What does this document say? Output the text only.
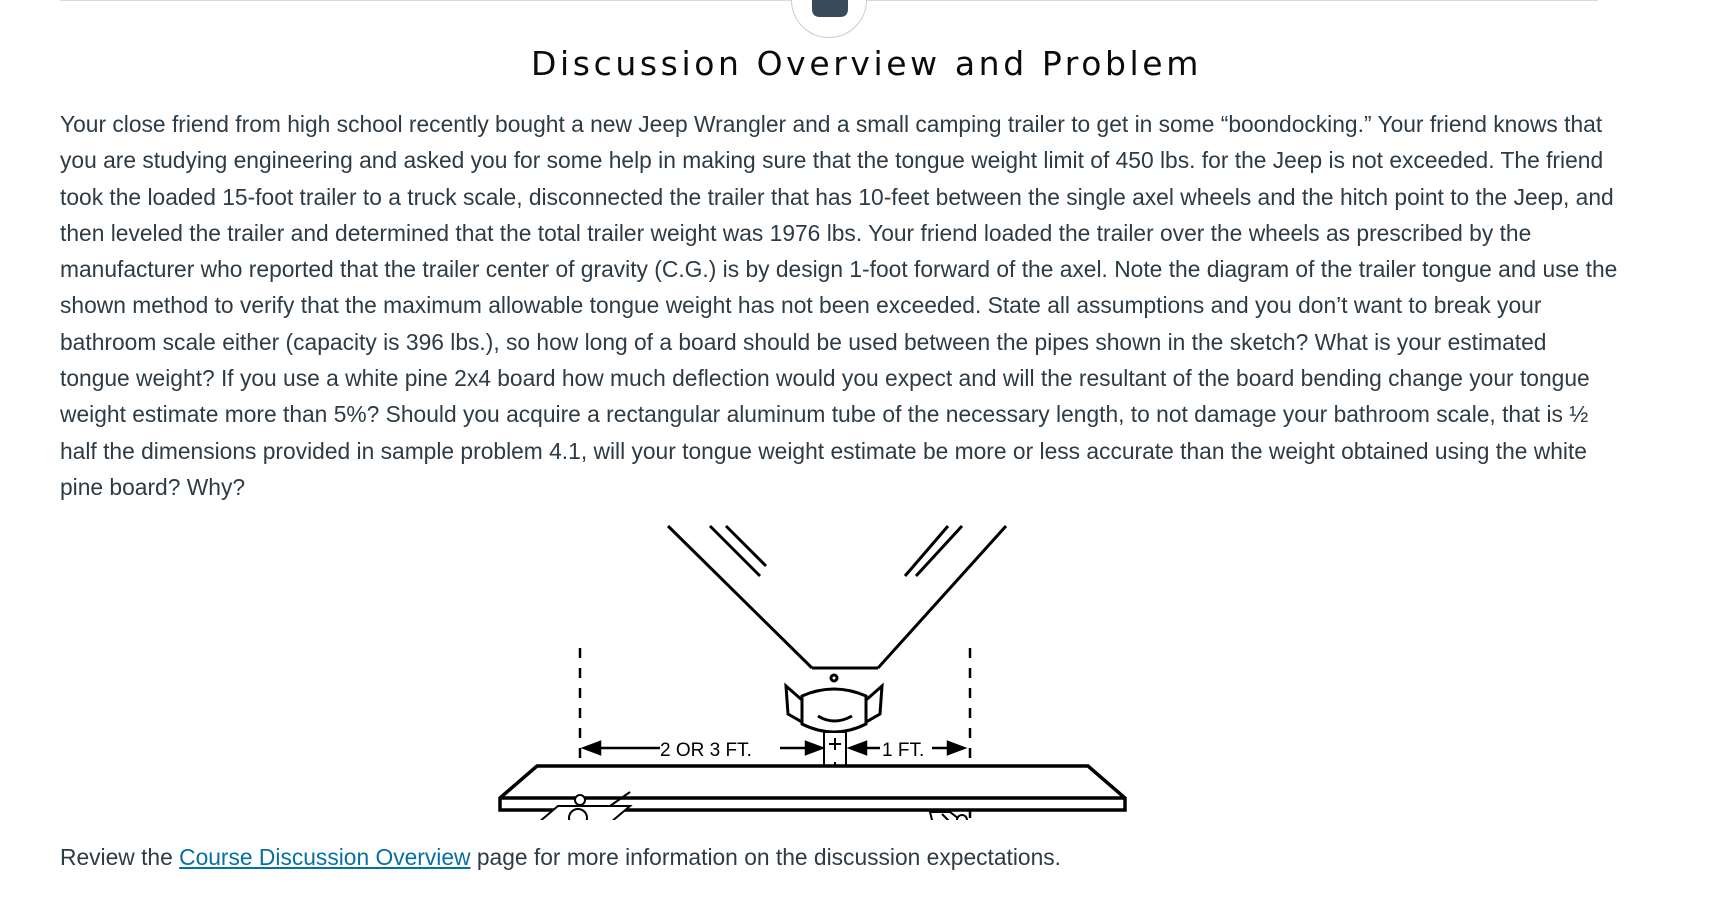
Discussion Overview and Problem

Your close friend from high school recently bought a new Jeep Wrangler and a small camping trailer to get in some “boondocking.” Your friend knows that you are studying engineering and asked you for some help in making sure that the tongue weight limit of 450 lbs. for the Jeep is not exceeded. The friend took the loaded 15-foot trailer to a truck scale, disconnected the trailer that has 10-feet between the single axel wheels and the hitch point to the Jeep, and then leveled the trailer and determined that the total trailer weight was 1976 lbs. Your friend loaded the trailer over the wheels as prescribed by the manufacturer who reported that the trailer center of gravity (C.G.) is by design 1-foot forward of the axel. Note the diagram of the trailer tongue and use the shown method to verify that the maximum allowable tongue weight has not been exceeded. State all assumptions and you don’t want to break your bathroom scale either (capacity is 396 lbs.), so how long of a board should be used between the pipes shown in the sketch? What is your estimated tongue weight? If you use a white pine 2x4 board how much deflection would you expect and will the resultant of the board bending change your tongue weight estimate more than 5%? Should you acquire a rectangular aluminum tube of the necessary length, to not damage your bathroom scale, that is ½ half the dimensions provided in sample problem 4.1, will your tongue weight estimate be more or less accurate than the weight obtained using the white pine board? Why?

2 OR 3 FT.	1 FT.

Review the Course Discussion Overview page for more information on the discussion expectations.
